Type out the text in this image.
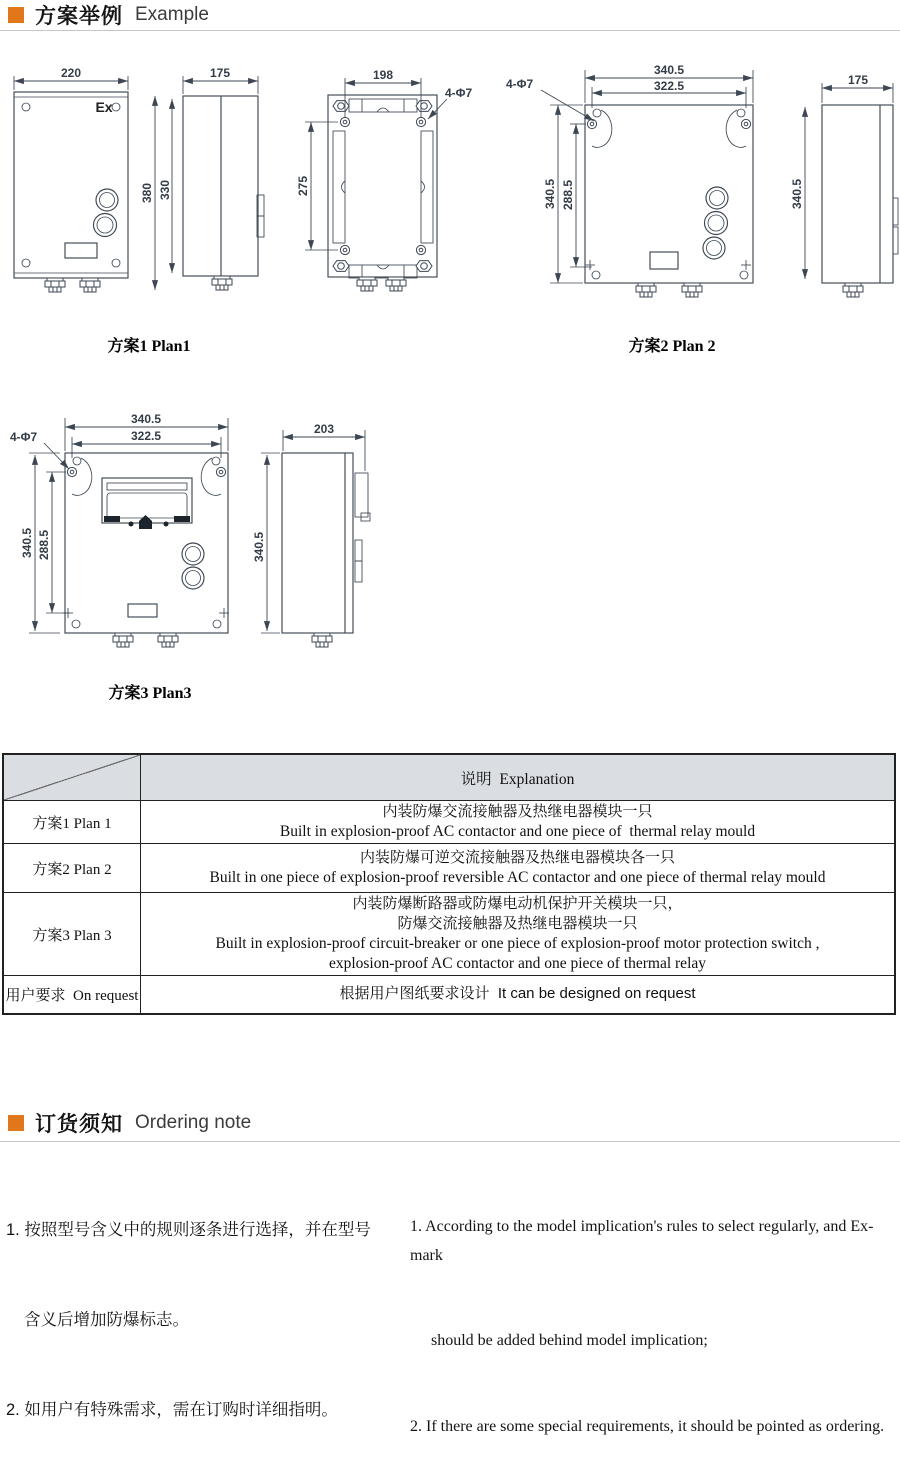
方案举例 Example
Ex
220	175
380 330
198
4-Φ7
275
方案1 Plan1
340.5
322.5
4-Φ7
340.5 288.5
175
340.5
方案2 Plan 2
340.5
322.5
4-Φ7
340.5 288.5
203
340.5
方案3 Plan3
说明  Explanation
方案1 Plan 1
内装防爆交流接触器及热继电器模块一只
Built in explosion-proof AC contactor and one piece of  thermal relay mould
方案2 Plan 2
内装防爆可逆交流接触器及热继电器模块各一只
Built in one piece of explosion-proof reversible AC contactor and one piece of thermal relay mould
方案3 Plan 3
内装防爆断路器或防爆电动机保护开关模块一只，
防爆交流接触器及热继电器模块一只
Built in explosion-proof circuit-breaker or one piece of explosion-proof motor protection switch ,
explosion-proof AC contactor and one piece of thermal relay
用户要求  On request	根据用户图纸要求设计  It can be designed on request
订货须知 Ordering note

1. 按照型号含义中的规则逐条进行选择，并在型号

含义后增加防爆标志。

2. 如用户有特殊需求，需在订购时详细指明。

1. According to the model implication's rules to select regularly, and Ex-mark

should be added behind model implication;

2. If there are some special requirements, it should be pointed as ordering.
